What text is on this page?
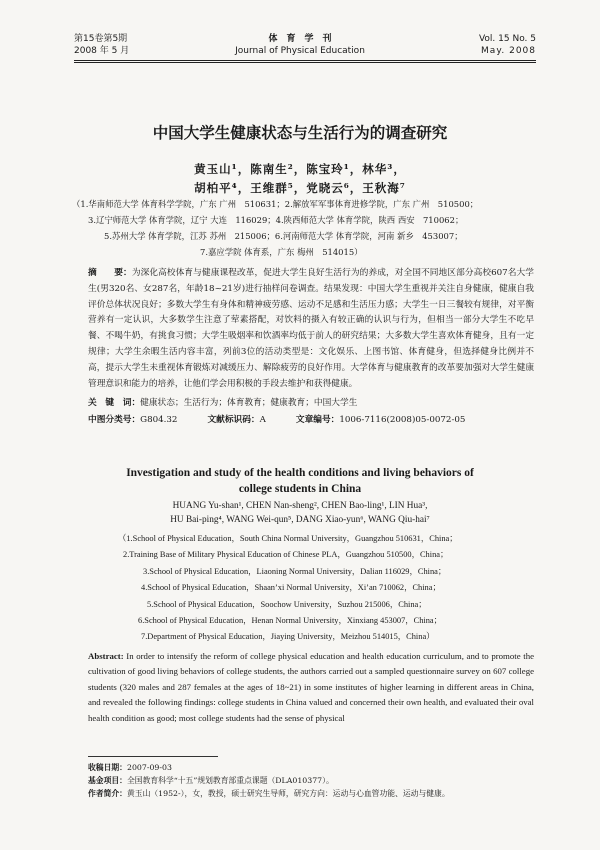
第15卷第5期
2008 年 5 月
体　育　学　刊
Journal of Physical Education
Vol. 15 No. 5
May. 2008
中国大学生健康状态与生活行为的调查研究
黄玉山¹，陈南生²，陈宝玲¹，林华³，
胡柏平⁴，王维群⁵，党晓云⁶，王秋海⁷
（1.华南师范大学 体育科学学院，广东 广州　510631；2.解放军军事体育进修学院，广东 广州　510500；
3.辽宁师范大学 体育学院，辽宁 大连　116029；4.陕西师范大学 体育学院，陕西 西安　710062；
5.苏州大学 体育学院，江苏 苏州　215006；6.河南师范大学 体育学院，河南 新乡　453007；
7.嘉应学院 体育系，广东 梅州　514015）
摘　　要：为深化高校体育与健康课程改革，促进大学生良好生活行为的养成，对全国不同地区部分高校607名大学生(男320名、女287名，年龄18~21岁)进行抽样问卷调查。结果发现：中国大学生重视并关注自身健康，健康自我评价总体状况良好；多数大学生有身体和精神疲劳感、运动不足感和生活压力感；大学生一日三餐较有规律，对平衡营养有一定认识，大多数学生注意了荤素搭配，对饮料的摄入有较正确的认识与行为，但相当一部分大学生不吃早餐、不喝牛奶，有挑食习惯；大学生吸烟率和饮酒率均低于前人的研究结果；大多数大学生喜欢体育健身，且有一定规律；大学生余暇生活内容丰富，列前3位的活动类型是：文化娱乐、上图书馆、体育健身，但选择健身比例并不高，提示大学生未重视体育锻炼对减缓压力、解除疲劳的良好作用。大学体育与健康教育的改革要加强对大学生健康管理意识和能力的培养，让他们学会用积极的手段去维护和获得健康。
关　键　词：健康状态；生活行为；体育教育；健康教育；中国大学生
中图分类号：G804.32	文献标识码：A	文章编号：1006-7116(2008)05-0072-05
Investigation and study of the health conditions and living behaviors of
college students in China
HUANG Yu-shan¹, CHEN Nan-sheng², CHEN Bao-ling¹, LIN Hua³,
HU Bai-ping⁴, WANG Wei-qun⁵, DANG Xiao-yun⁶, WANG Qiu-hai⁷
（1.School of Physical Education，South China Normal University，Guangzhou 510631，China；
2.Training Base of Military Physical Education of Chinese PLA，Guangzhou 510500，China；
3.School of Physical Education，Liaoning Normal University，Dalian 116029，China；
4.School of Physical Education，Shaan’xi Normal University，Xi’an 710062，China；
5.School of Physical Education，Soochow University，Suzhou 215006，China；
6.School of Physical Education，Henan Normal University，Xinxiang 453007，China；
7.Department of Physical Education，Jiaying University，Meizhou 514015，China）
Abstract: In order to intensify the reform of college physical education and health education curriculum, and to promote the cultivation of good living behaviors of college students, the authors carried out a sampled questionnaire survey on 607 college students (320 males and 287 females at the ages of 18~21) in some institutes of higher learning in different areas in China, and revealed the following findings: college students in China valued and concerned their own health, and evaluated their oval health condition as good; most college students had the sense of physical
收稿日期：2007-09-03
基金项目：全国教育科学“十五”规划教育部重点课题（DLA010377）。
作者简介：黄玉山（1952-），女，教授，硕士研究生导师，研究方向：运动与心血管功能、运动与健康。
